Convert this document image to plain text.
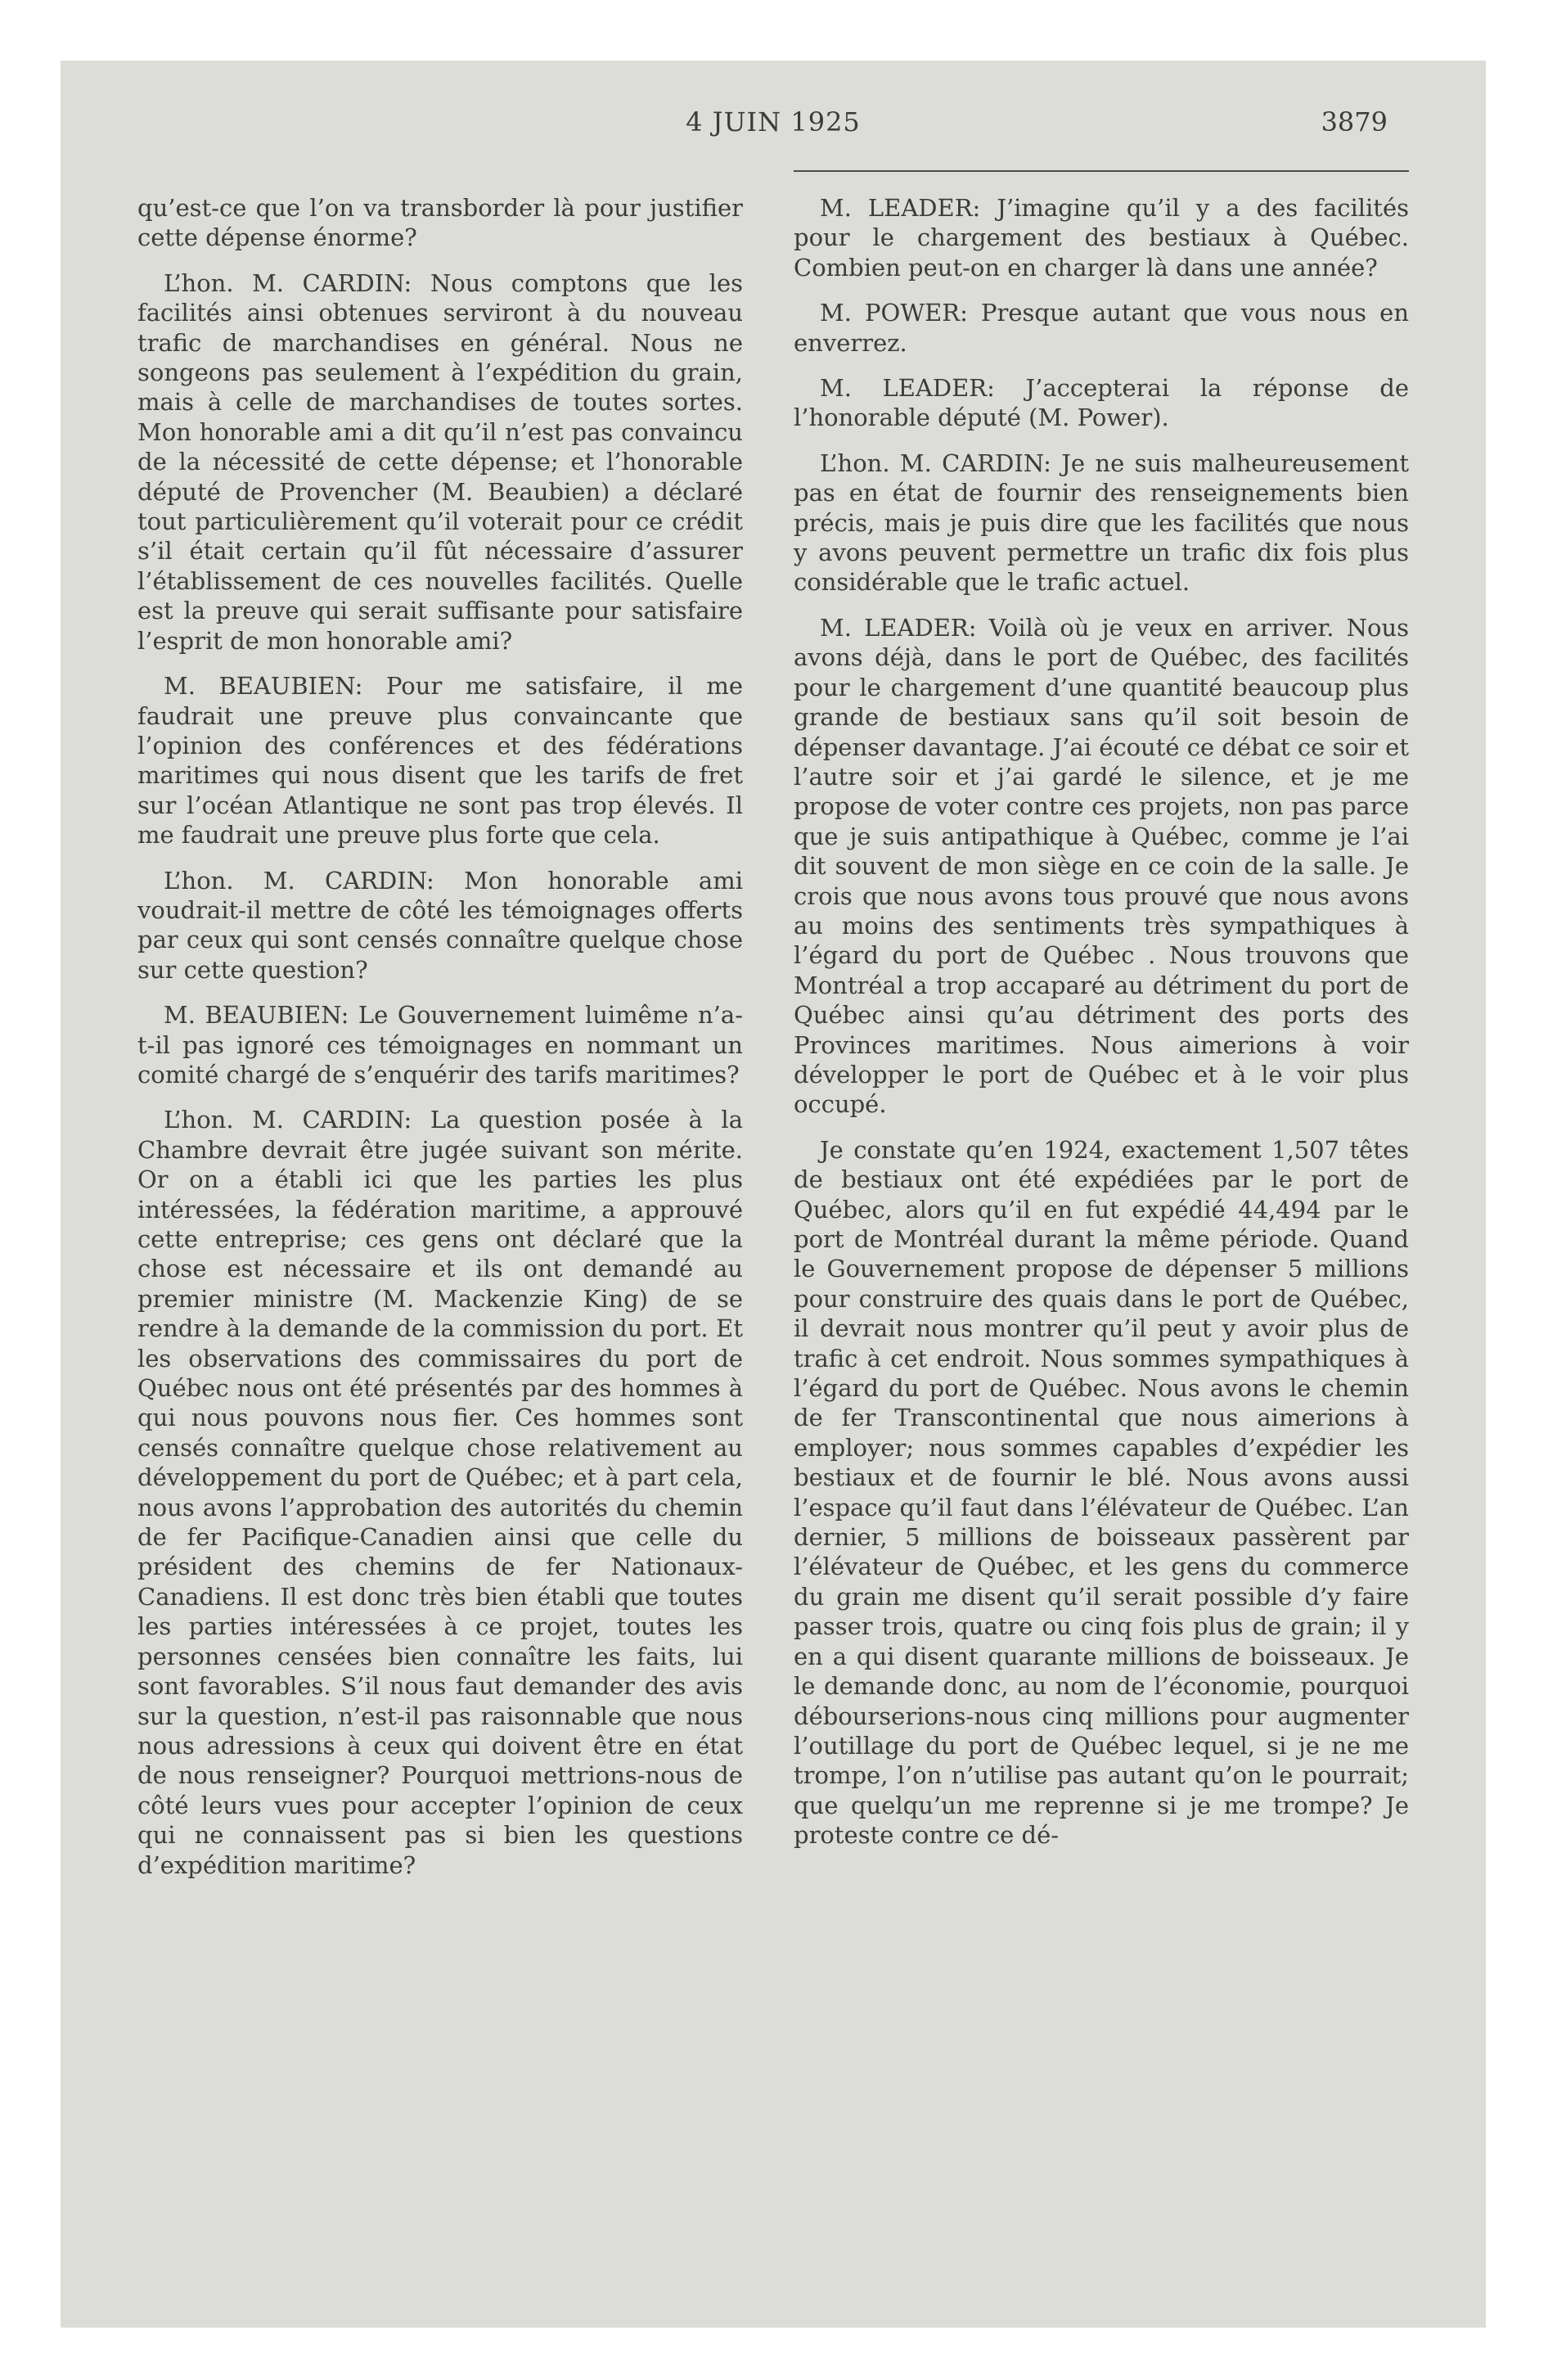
4 JUIN 1925	3879

qu’est-ce que l’on va transborder là pour justifier cette dépense énorme?

L’hon. M. CARDIN: Nous comptons que les facilités ainsi obtenues serviront à du nouveau trafic de marchandises en général. Nous ne songeons pas seulement à l’expédition du grain, mais à celle de marchandises de toutes sortes. Mon honorable ami a dit qu’il n’est pas convaincu de la nécessité de cette dépense; et l’honorable député de Provencher (M. Beaubien) a déclaré tout particulièrement qu’il voterait pour ce crédit s’il était certain qu’il fût nécessaire d’assurer l’établissement de ces nouvelles facilités. Quelle est la preuve qui serait suffisante pour satisfaire l’esprit de mon honorable ami?

M. BEAUBIEN: Pour me satisfaire, il me faudrait une preuve plus convaincante que l’opinion des conférences et des fédérations maritimes qui nous disent que les tarifs de fret sur l’océan Atlantique ne sont pas trop élevés. Il me faudrait une preuve plus forte que cela.

L’hon. M. CARDIN: Mon honorable ami voudrait-il mettre de côté les témoignages offerts par ceux qui sont censés connaître quelque chose sur cette question?

M. BEAUBIEN: Le Gouvernement luimême n’a-t-il pas ignoré ces témoignages en nommant un comité chargé de s’enquérir des tarifs maritimes?

L’hon. M. CARDIN: La question posée à la Chambre devrait être jugée suivant son mérite. Or on a établi ici que les parties les plus intéressées, la fédération maritime, a approuvé cette entreprise; ces gens ont déclaré que la chose est nécessaire et ils ont demandé au premier ministre (M. Mackenzie King) de se rendre à la demande de la commission du port. Et les observations des commissaires du port de Québec nous ont été présentés par des hommes à qui nous pouvons nous fier. Ces hommes sont censés connaître quelque chose relativement au développement du port de Québec; et à part cela, nous avons l’approbation des autorités du chemin de fer Pacifique-Canadien ainsi que celle du président des chemins de fer Nationaux-Canadiens. Il est donc très bien établi que toutes les parties intéressées à ce projet, toutes les personnes censées bien connaître les faits, lui sont favorables. S’il nous faut demander des avis sur la question, n’est-il pas raisonnable que nous nous adressions à ceux qui doivent être en état de nous renseigner? Pourquoi mettrions-nous de côté leurs vues pour accepter l’opinion de ceux qui ne connaissent pas si bien les questions d’expédition maritime?

M. LEADER: J’imagine qu’il y a des facilités pour le chargement des bestiaux à Québec. Combien peut-on en charger là dans une année?

M. POWER: Presque autant que vous nous en enverrez.

M. LEADER: J’accepterai la réponse de l’honorable député (M. Power).

L’hon. M. CARDIN: Je ne suis malheureusement pas en état de fournir des renseignements bien précis, mais je puis dire que les facilités que nous y avons peuvent permettre un trafic dix fois plus considérable que le trafic actuel.

M. LEADER: Voilà où je veux en arriver. Nous avons déjà, dans le port de Québec, des facilités pour le chargement d’une quantité beaucoup plus grande de bestiaux sans qu’il soit besoin de dépenser davantage. J’ai écouté ce débat ce soir et l’autre soir et j’ai gardé le silence, et je me propose de voter contre ces projets, non pas parce que je suis antipathique à Québec, comme je l’ai dit souvent de mon siège en ce coin de la salle. Je crois que nous avons tous prouvé que nous avons au moins des sentiments très sympathiques à l’égard du port de Québec . Nous trouvons que Montréal a trop accaparé au détriment du port de Québec ainsi qu’au détriment des ports des Provinces maritimes. Nous aimerions à voir développer le port de Québec et à le voir plus occupé.

Je constate qu’en 1924, exactement 1,507 têtes de bestiaux ont été expédiées par le port de Québec, alors qu’il en fut expédié 44,494 par le port de Montréal durant la même période. Quand le Gouvernement propose de dépenser 5 millions pour construire des quais dans le port de Québec, il devrait nous montrer qu’il peut y avoir plus de trafic à cet endroit. Nous sommes sympathiques à l’égard du port de Québec. Nous avons le chemin de fer Transcontinental que nous aimerions à employer; nous sommes capables d’expédier les bestiaux et de fournir le blé. Nous avons aussi l’espace qu’il faut dans l’élévateur de Québec. L’an dernier, 5 millions de boisseaux passèrent par l’élévateur de Québec, et les gens du commerce du grain me disent qu’il serait possible d’y faire passer trois, quatre ou cinq fois plus de grain; il y en a qui disent quarante millions de boisseaux. Je le demande donc, au nom de l’économie, pourquoi débourserions-nous cinq millions pour augmenter l’outillage du port de Québec lequel, si je ne me trompe, l’on n’utilise pas autant qu’on le pourrait; que quelqu’un me reprenne si je me trompe? Je proteste contre ce dé-
